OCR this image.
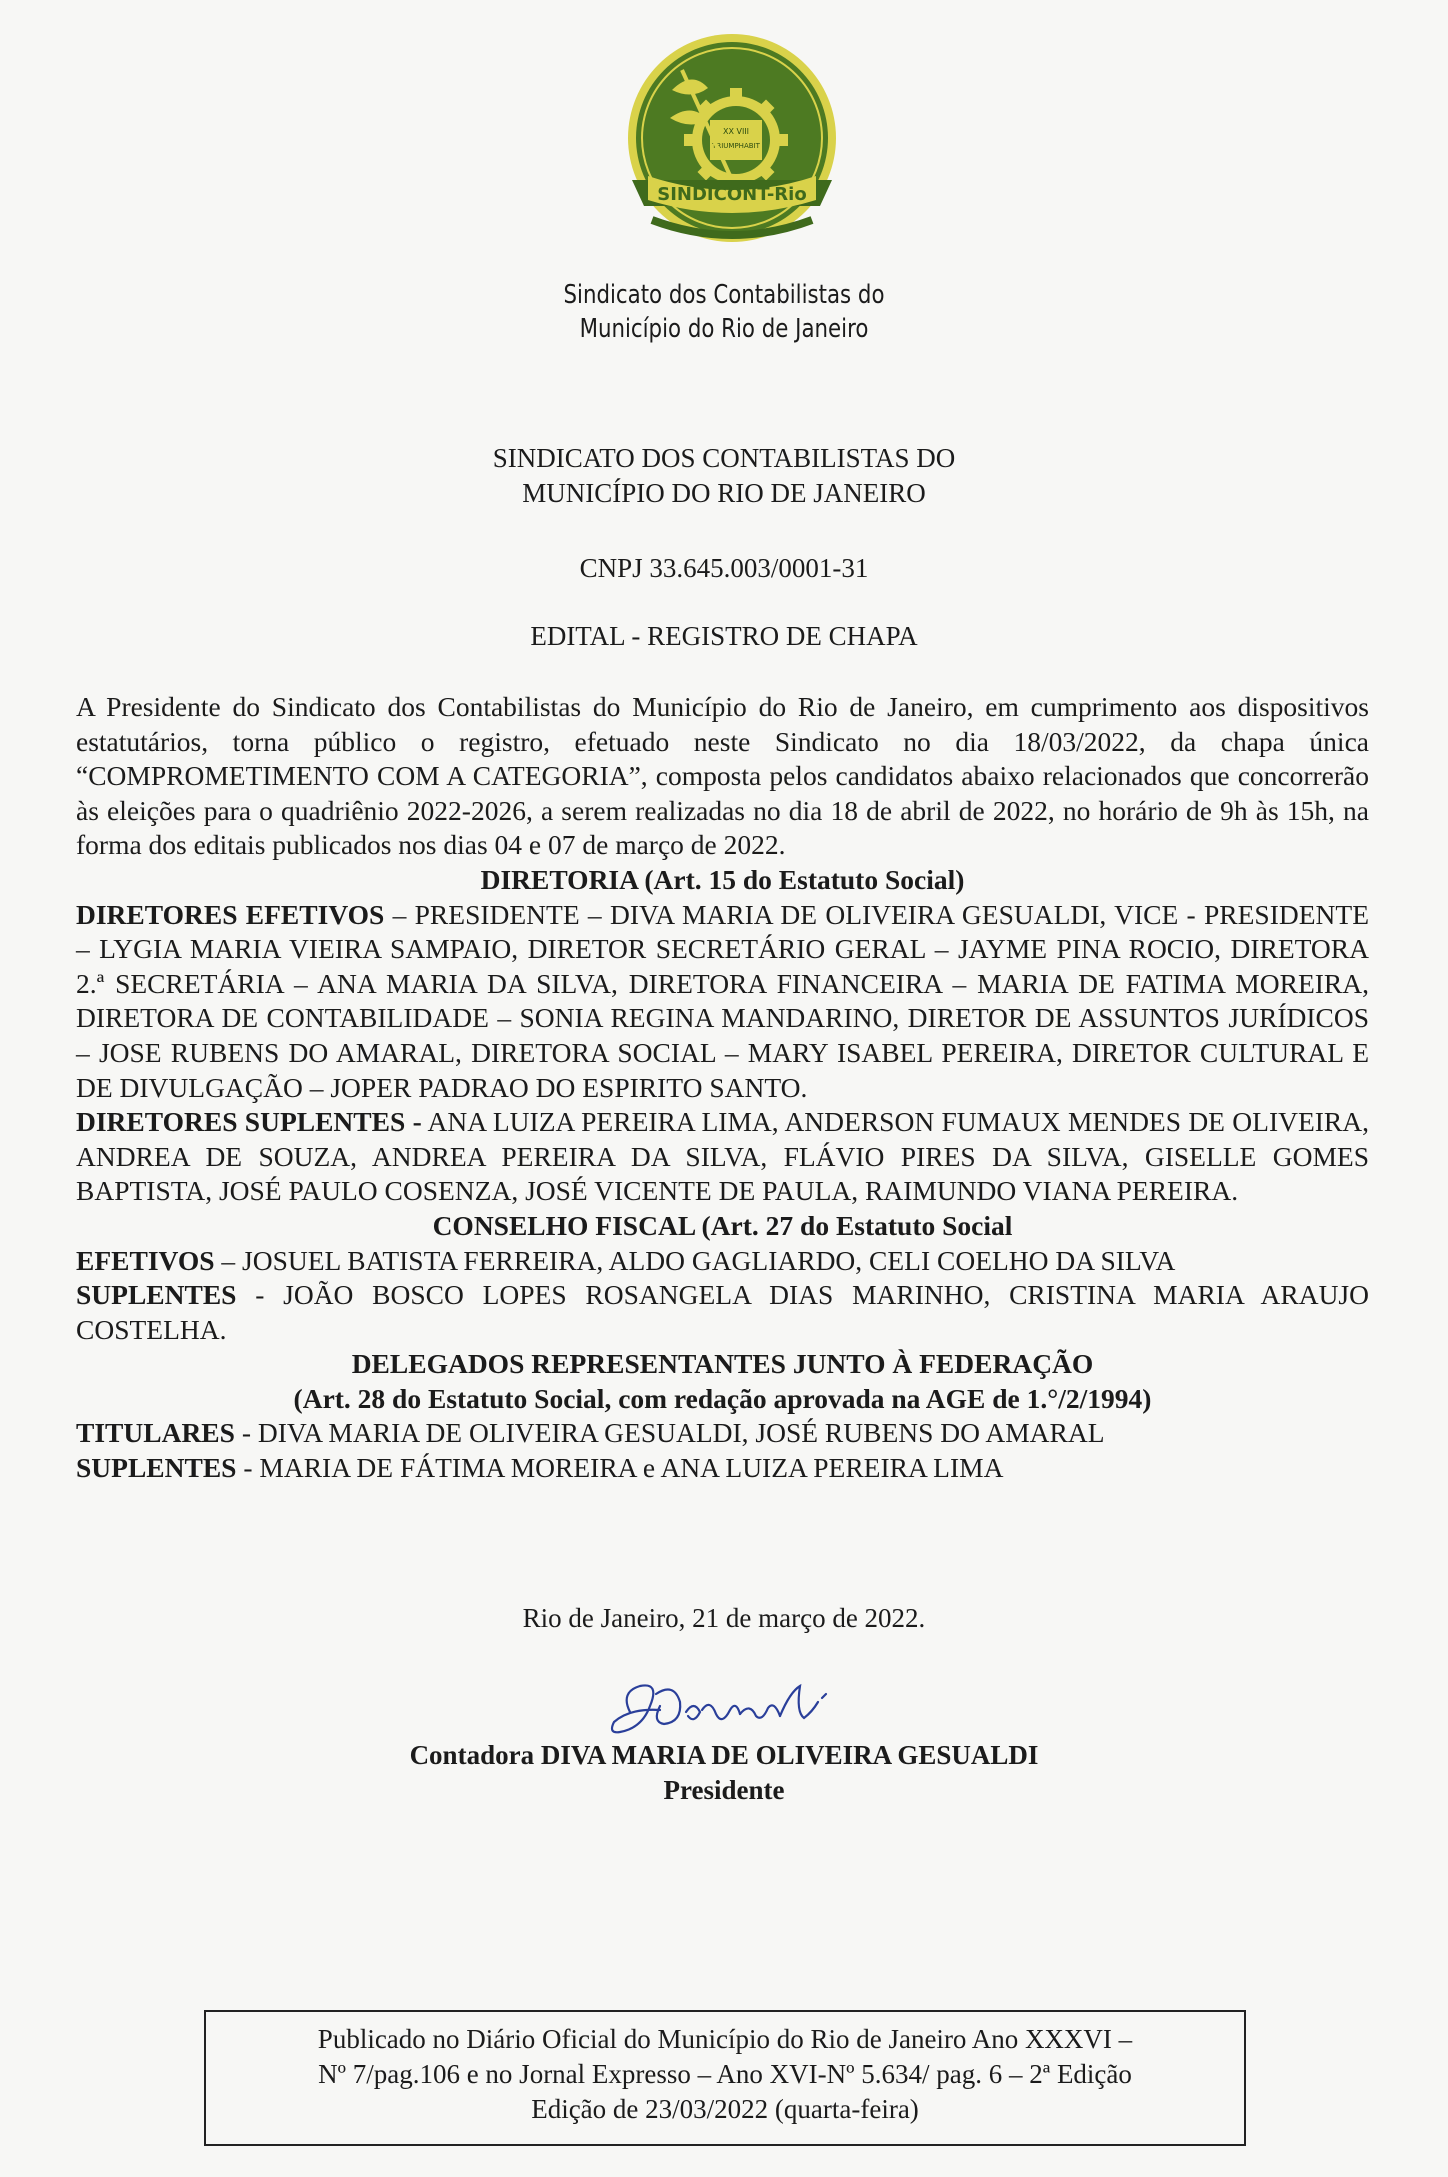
XX VIII
TRIUMPHABIT
SINDICONT-Rio
Sindicato dos Contabilistas do
Município do Rio de Janeiro
SINDICATO DOS CONTABILISTAS DO
MUNICÍPIO DO RIO DE JANEIRO
CNPJ 33.645.003/0001-31
EDITAL - REGISTRO DE CHAPA

A Presidente do Sindicato dos Contabilistas do Município do Rio de Janeiro, em cumprimento aos dispositivos estatutários, torna público o registro, efetuado neste Sindicato no dia 18/03/2022, da chapa única “COMPROMETIMENTO COM A CATEGORIA”, composta pelos candidatos abaixo relacionados que concorrerão às eleições para o quadriênio 2022-2026, a serem realizadas no dia 18 de abril de 2022, no horário de 9h às 15h, na forma dos editais publicados nos dias 04 e 07 de março de 2022.

DIRETORIA (Art. 15 do Estatuto Social)

DIRETORES EFETIVOS – PRESIDENTE – DIVA MARIA DE OLIVEIRA GESUALDI, VICE - PRESIDENTE – LYGIA MARIA VIEIRA SAMPAIO, DIRETOR SECRETÁRIO GERAL – JAYME PINA ROCIO, DIRETORA 2.ª SECRETÁRIA – ANA MARIA DA SILVA, DIRETORA FINANCEIRA – MARIA DE FATIMA MOREIRA, DIRETORA DE CONTABILIDADE – SONIA REGINA MANDARINO, DIRETOR DE ASSUNTOS JURÍDICOS – JOSE RUBENS DO AMARAL, DIRETORA SOCIAL – MARY ISABEL PEREIRA, DIRETOR CULTURAL E DE DIVULGAÇÃO – JOPER PADRAO DO ESPIRITO SANTO.

DIRETORES SUPLENTES - ANA LUIZA PEREIRA LIMA, ANDERSON FUMAUX MENDES DE OLIVEIRA, ANDREA DE SOUZA, ANDREA PEREIRA DA SILVA, FLÁVIO PIRES DA SILVA, GISELLE GOMES BAPTISTA, JOSÉ PAULO COSENZA, JOSÉ VICENTE DE PAULA, RAIMUNDO VIANA PEREIRA.

CONSELHO FISCAL (Art. 27 do Estatuto Social

EFETIVOS – JOSUEL BATISTA FERREIRA, ALDO GAGLIARDO, CELI COELHO DA SILVA

SUPLENTES - JOÃO BOSCO LOPES ROSANGELA DIAS MARINHO, CRISTINA MARIA ARAUJO COSTELHA.

DELEGADOS REPRESENTANTES JUNTO À FEDERAÇÃO

(Art. 28 do Estatuto Social, com redação aprovada na AGE de 1.°/2/1994)

TITULARES - DIVA MARIA DE OLIVEIRA GESUALDI, JOSÉ RUBENS DO AMARAL

SUPLENTES - MARIA DE FÁTIMA MOREIRA e ANA LUIZA PEREIRA LIMA

Rio de Janeiro, 21 de março de 2022.
Contadora DIVA MARIA DE OLIVEIRA GESUALDI
Presidente
Publicado no Diário Oficial do Município do Rio de Janeiro Ano XXXVI –
Nº 7/pag.106 e no Jornal Expresso – Ano XVI-Nº 5.634/ pag. 6 – 2ª Edição
Edição de 23/03/2022 (quarta-feira)
